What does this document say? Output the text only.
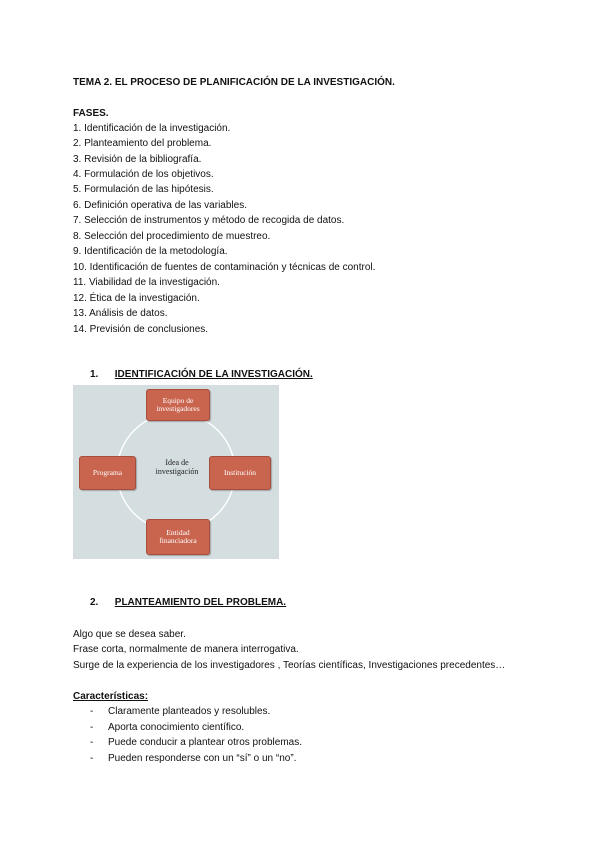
TEMA 2. EL PROCESO DE PLANIFICACIÓN DE LA INVESTIGACIÓN.
FASES.
1. Identificación de la investigación.
2. Planteamiento del problema.
3. Revisión de la bibliografía.
4. Formulación de los objetivos.
5. Formulación de las hipótesis.
6. Definición operativa de las variables.
7. Selección de instrumentos y método de recogida de datos.
8. Selección del procedimiento de muestreo.
9. Identificación de la metodología.
10. Identificación de fuentes de contaminación y técnicas de control.
11. Viabilidad de la investigación.
12. Ética de la investigación.
13. Análisis de datos.
14. Previsión de conclusiones.
1. IDENTIFICACIÓN DE LA INVESTIGACIÓN.
Equipo de investigadores
Programa	Institución
Entidad financiadora
Idea de investigación
2. PLANTEAMIENTO DEL PROBLEMA.
Algo que se desea saber.
Frase corta, normalmente de manera interrogativa.
Surge de la experiencia de los investigadores , Teorías científicas, Investigaciones precedentes…
Características:
- Claramente planteados y resolubles.
- Aporta conocimiento científico.
- Puede conducir a plantear otros problemas.
- Pueden responderse con un “sí” o un “no”.
